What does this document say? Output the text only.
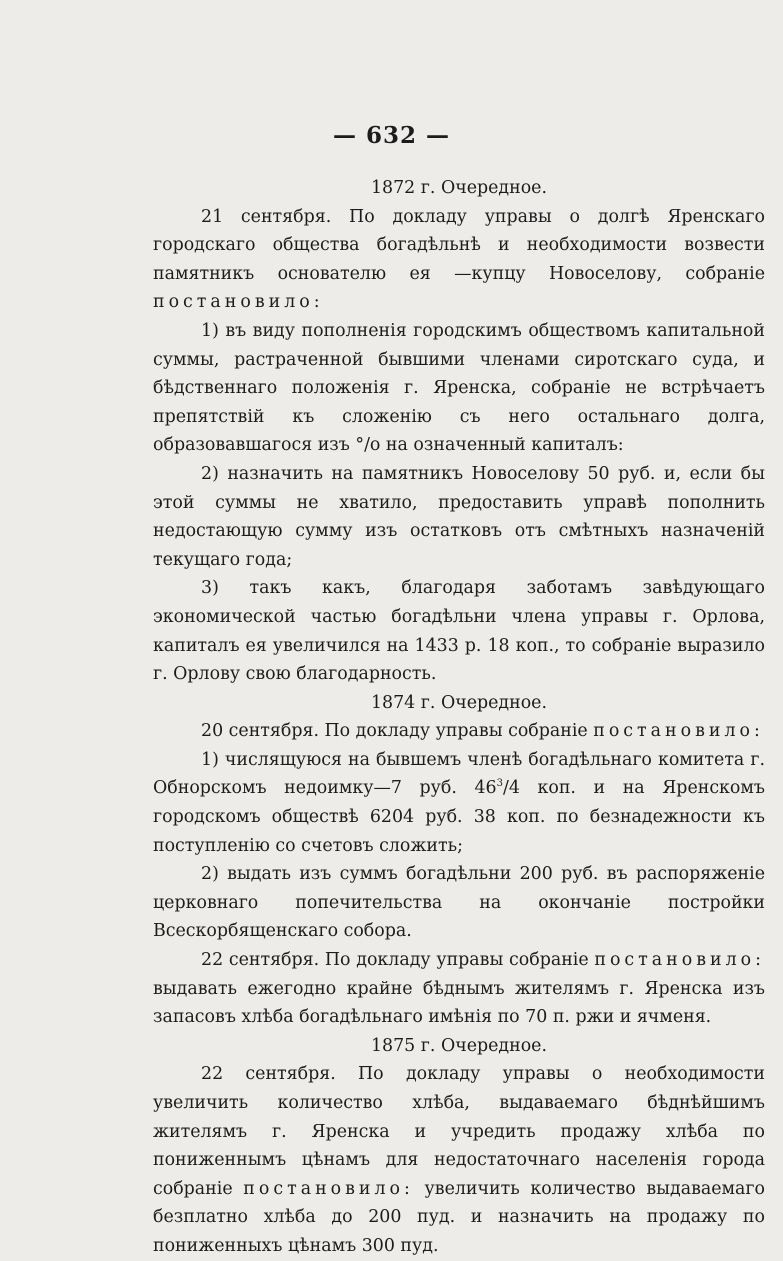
— 632 —

1872 г. Очередное.

21 сентября. По докладу управы о долгѣ Яренскаго городскаго общества богадѣльнѣ и необходимости возвести памятникъ основателю ея —купцу Новоселову, собраніе постановило:

1) въ виду пополненія городскимъ обществомъ капитальной суммы, растраченной бывшими членами сиротскаго суда, и бѣдственнаго положенія г. Яренска, собраніе не встрѣчаетъ препятствій къ сложенію съ него остальнаго долга, образовавшагося изъ °/о на означенный капиталъ:

2) назначить на памятникъ Новоселову 50 руб. и, если бы этой суммы не хватило, предоставить управѣ пополнить недостающую сумму изъ остатковъ отъ смѣтныхъ назначеній текущаго года;

3) такъ какъ, благодаря заботамъ завѣдующаго экономической частью богадѣльни члена управы г. Орлова, капиталъ ея увеличился на 1433 р. 18 коп., то собраніе выразило г. Орлову свою благодарность.

1874 г. Очередное.

20 сентября. По докладу управы собраніе постановило:

1) числящуюся на бывшемъ членѣ богадѣльнаго комитета г. Обнорскомъ недоимку—7 руб. $46^3/4$ коп. и на Яренскомъ городскомъ обществѣ 6204 руб. 38 коп. по безнадежности къ поступленію со счетовъ сложить;

2) выдать изъ суммъ богадѣльни 200 руб. въ распоряженіе церковнаго попечительства на окончаніе постройки Всескорбященскаго собора.

22 сентября. По докладу управы собраніе постановило: выдавать ежегодно крайне бѣднымъ жителямъ г. Яренска изъ запасовъ хлѣба богадѣльнаго имѣнія по 70 п. ржи и ячменя.

1875 г. Очередное.

22 сентября. По докладу управы о необходимости увеличить количество хлѣба, выдаваемаго бѣднѣйшимъ жителямъ г. Яренска и учредить продажу хлѣба по пониженнымъ цѣнамъ для недостаточнаго населенія города собраніе постановило: увеличить количество выдаваемаго безплатно хлѣба до 200 пуд. и назначить на продажу по пониженныхъ цѣнамъ 300 пуд.
